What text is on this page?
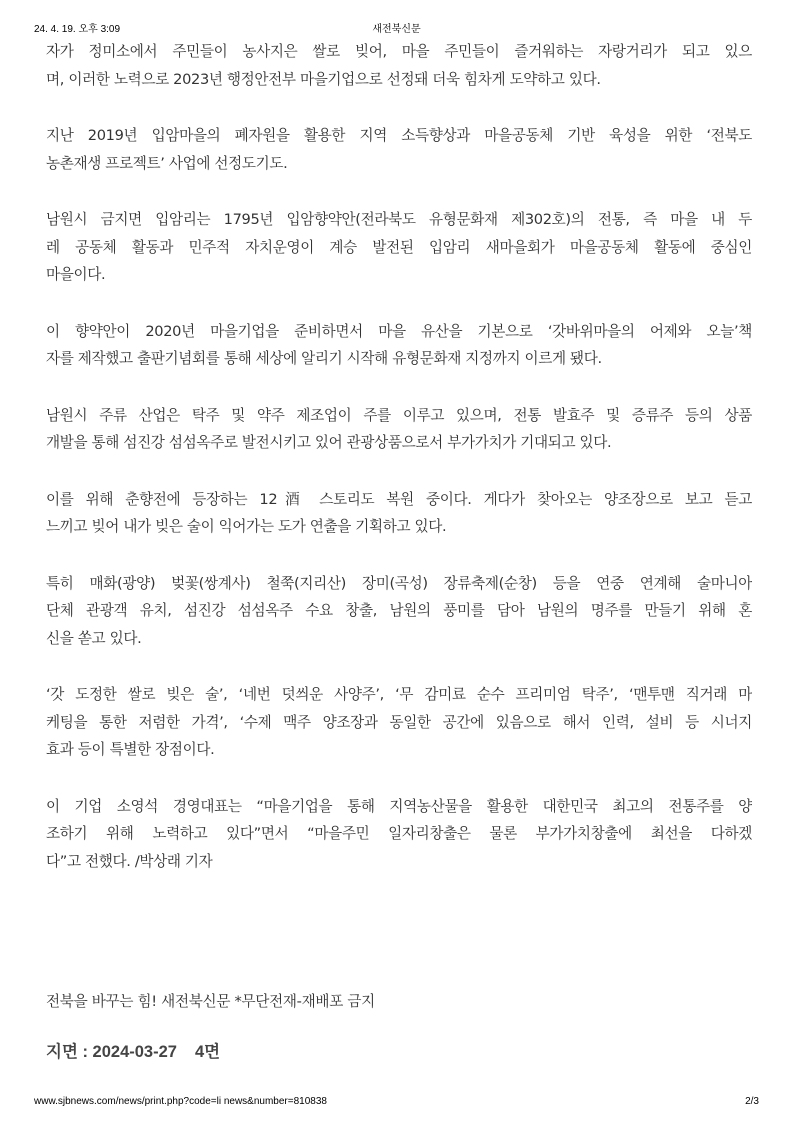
24. 4. 19. 오후 3:09	새전북신문

자가 정미소에서 주민들이 농사지은 쌀로 빚어, 마을 주민들이 즐거워하는 자랑거리가 되고 있으
며, 이러한 노력으로 2023년 행정안전부 마을기업으로 선정돼 더욱 힘차게 도약하고 있다.

지난 2019년 입암마을의 폐자원을 활용한 지역 소득향상과 마을공동체 기반 육성을 위한 ‘전북도
농촌재생 프로젝트’ 사업에 선정도기도.

남원시 금지면 입암리는 1795년 입암향약안(전라북도 유형문화재 제302호)의 전통, 즉 마을 내 두
레 공동체 활동과 민주적 자치운영이 계승 발전된 입암리 새마을회가 마을공동체 활동에 중심인
마을이다.

이 향약안이 2020년 마을기업을 준비하면서 마을 유산을 기본으로 ‘갓바위마을의 어제와 오늘’책
자를 제작했고 출판기념회를 통해 세상에 알리기 시작해 유형문화재 지정까지 이르게 됐다.

남원시 주류 산업은 탁주 및 약주 제조업이 주를 이루고 있으며, 전통 발효주 및 증류주 등의 상품
개발을 통해 섬진강 섬섬옥주로 발전시키고 있어 관광상품으로서 부가가치가 기대되고 있다.

이를 위해 춘향전에 등장하는 12酒 스토리도 복원 중이다. 게다가 찾아오는 양조장으로 보고 듣고
느끼고 빚어 내가 빚은 술이 익어가는 도가 연출을 기획하고 있다.

특히 매화(광양) 벚꽃(쌍계사) 철쭉(지리산) 장미(곡성) 장류축제(순창) 등을 연중 연계해 술마니아
단체 관광객 유치, 섬진강 섬섬옥주 수요 창출, 남원의 풍미를 담아 남원의 명주를 만들기 위해 혼
신을 쏟고 있다.

‘갓 도정한 쌀로 빚은 술’, ‘네번 덧씌운 사양주’, ‘무 감미료 순수 프리미엄 탁주’, ‘맨투맨 직거래 마
케팅을 통한 저렴한 가격’, ‘수제 맥주 양조장과 동일한 공간에 있음으로 해서 인력, 설비 등 시너지
효과 등이 특별한 장점이다.

이 기업 소영석 경영대표는 “마을기업을 통해 지역농산물을 활용한 대한민국 최고의 전통주를 양
조하기 위해 노력하고 있다”면서 “마을주민 일자리창출은 물론 부가가치창출에 최선을 다하겠
다”고 전했다. /박상래 기자

전북을 바꾸는 힘! 새전북신문 *무단전재-재배포 금지
지면 : 2024-03-27 4면
www.sjbnews.com/news/print.php?code=li news&number=810838	2/3
